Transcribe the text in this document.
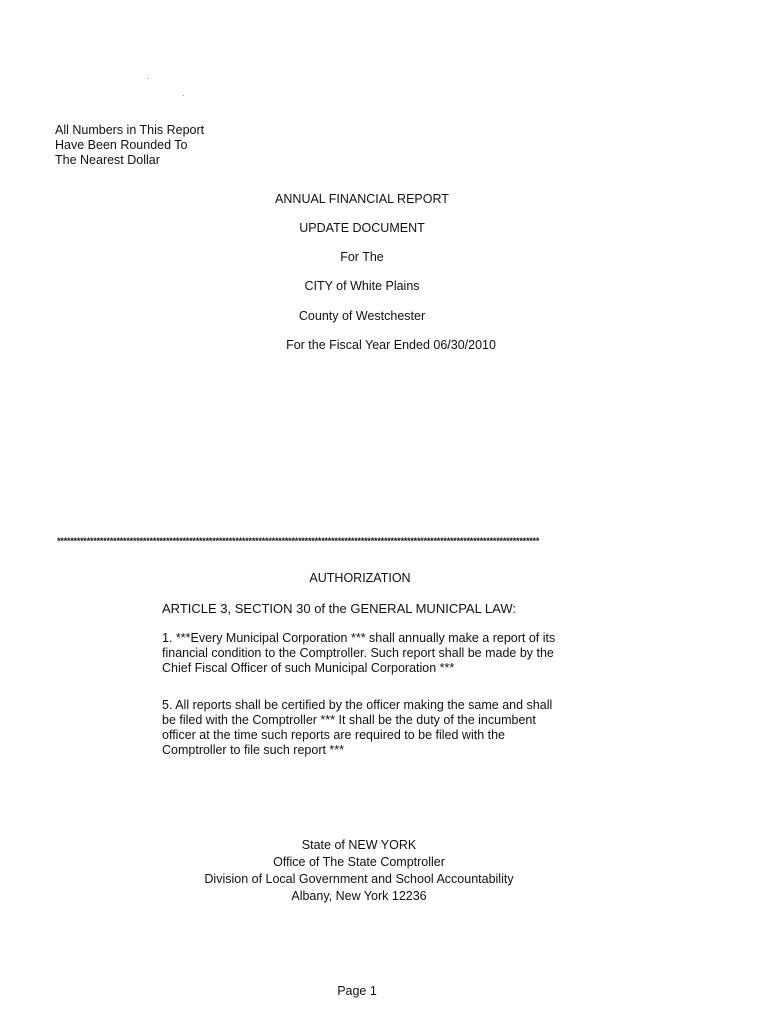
All Numbers in This Report
Have Been Rounded To
The Nearest Dollar
ANNUAL FINANCIAL REPORT
UPDATE DOCUMENT
For The
CITY of White Plains
County of Westchester
For the Fiscal Year Ended 06/30/2010
**************************************************************************************************************************************************
AUTHORIZATION
ARTICLE 3, SECTION 30 of the GENERAL MUNICPAL LAW:
1. ***Every Municipal Corporation *** shall annually make a report of its
financial condition to the Comptroller. Such report shall be made by the
Chief Fiscal Officer of such Municipal Corporation ***
5. All reports shall be certified by the officer making the same and shall
be filed with the Comptroller *** It shall be the duty of the incumbent
officer at the time such reports are required to be filed with the
Comptroller to file such report ***
State of NEW YORK
Office of The State Comptroller
Division of Local Government and School Accountability
Albany, New York 12236
Page 1
